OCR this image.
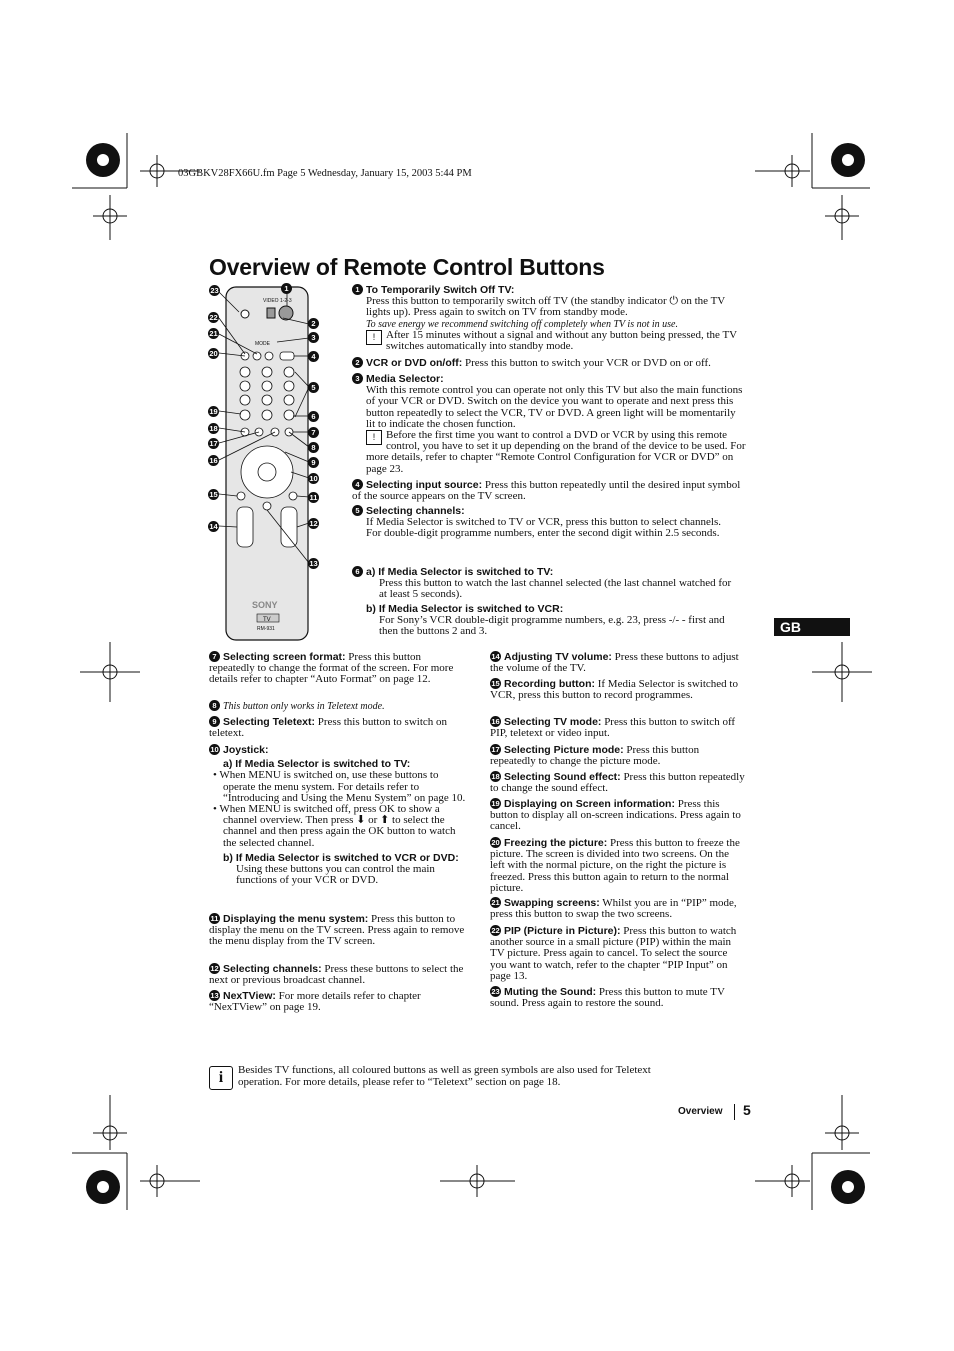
03GBKV28FX66U.fm Page 5 Wednesday, January 15, 2003 5:44 PM
Overview of Remote Control Buttons
SONY
TV
RM-931
VIDEO 1-2-3
MODE
23	1
22
21
20
2
3
4
5
19
18
17
16
6
7
8
9
10
15	11
14	12
13
1 To Temporarily Switch Off TV:
Press this button to temporarily switch off TV (the standby indicator ⏻ on the TV lights up). Press again to switch on TV from standby mode.
To save energy we recommend switching off completely when TV is not in use.
! After 15 minutes without a signal and without any button being pressed, the TV switches automatically into standby mode.
2 VCR or DVD on/off: Press this button to switch your VCR or DVD on or off.
3 Media Selector:
With this remote control you can operate not only this TV but also the main functions of your VCR or DVD. Switch on the device you want to operate and next press this button repeatedly to select the VCR, TV or DVD. A green light will be momentarily lit to indicate the chosen function.
! Before the first time you want to control a DVD or VCR by using this remote control, you have to set it up depending on the brand of the device to be used. For more details, refer to chapter “Remote Control Configuration for VCR or DVD” on page 23.
4 Selecting input source: Press this button repeatedly until the desired input symbol of the source appears on the TV screen.
5 Selecting channels:
If Media Selector is switched to TV or VCR, press this button to select channels.
For double-digit programme numbers, enter the second digit within 2.5 seconds.
6 a) If Media Selector is switched to TV:
Press this button to watch the last channel selected (the last channel watched for at least 5 seconds).
b) If Media Selector is switched to VCR:
For Sony’s VCR double-digit programme numbers, e.g. 23, press -/- - first and then the buttons 2 and 3.	GB
7 Selecting screen format: Press this button repeatedly to change the format of the screen. For more details refer to chapter “Auto Format” on page 12.
8 This button only works in Teletext mode.
9 Selecting Teletext: Press this button to switch on teletext.
10 Joystick:
a) If Media Selector is switched to TV:
• When MENU is switched on, use these buttons to operate the menu system. For details refer to “Introducing and Using the Menu System” on page 10.
• When MENU is switched off, press OK to show a channel overview. Then press ⬇ or ⬆ to select the channel and then press again the OK button to watch the selected channel.
b) If Media Selector is switched to VCR or DVD:
Using these buttons you can control the main functions of your VCR or DVD.
11 Displaying the menu system: Press this button to display the menu on the TV screen. Press again to remove the menu display from the TV screen.
12 Selecting channels: Press these buttons to select the next or previous broadcast channel.
13 NexTView: For more details refer to chapter “NexTView” on page 19.
14 Adjusting TV volume: Press these buttons to adjust the volume of the TV.
15 Recording button: If Media Selector is switched to VCR, press this button to record programmes.
16 Selecting TV mode: Press this button to switch off PIP, teletext or video input.
17 Selecting Picture mode: Press this button repeatedly to change the picture mode.
18 Selecting Sound effect: Press this button repeatedly to change the sound effect.
19 Displaying on Screen information: Press this button to display all on-screen indications. Press again to cancel.
20 Freezing the picture: Press this button to freeze the picture. The screen is divided into two screens. On the left with the normal picture, on the right the picture is freezed. Press this button again to return to the normal picture.
21 Swapping screens: Whilst you are in “PIP” mode, press this button to swap the two screens.
22 PIP (Picture in Picture): Press this button to watch another source in a small picture (PIP) within the main TV picture. Press again to cancel. To select the source you want to watch, refer to the chapter “PIP Input” on page 13.
23 Muting the Sound: Press this button to mute TV sound. Press again to restore the sound.
i	Besides TV functions, all coloured buttons as well as green symbols are also used for Teletext operation. For more details, please refer to “Teletext” section on page 18.
Overview 5
